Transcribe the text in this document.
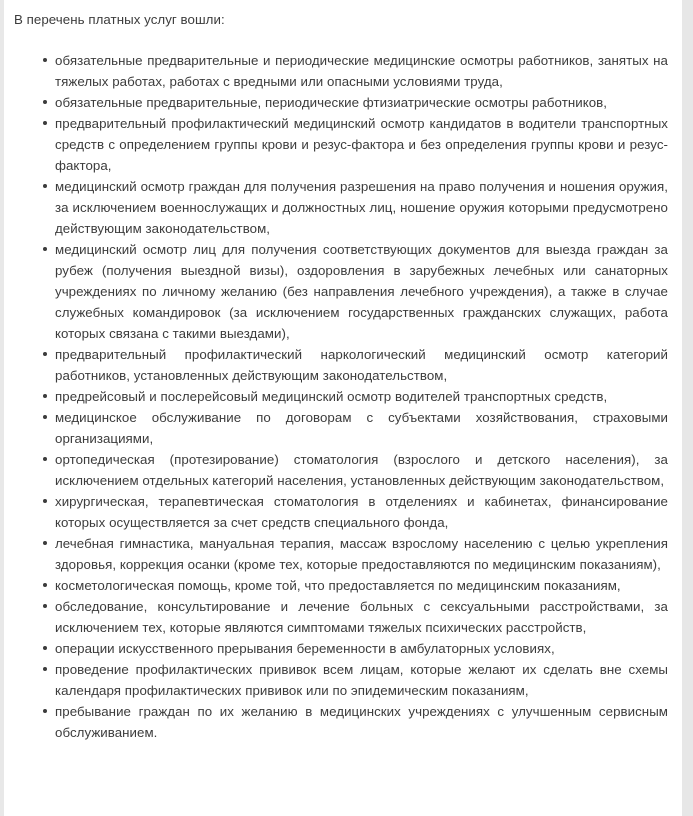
В перечень платных услуг вошли:

обязательные предварительные и периодические медицинские осмотры работников, занятых на тяжелых работах, работах с вредными или опасными условиями труда,
обязательные предварительные, периодические фтизиатрические осмотры работников,
предварительный профилактический медицинский осмотр кандидатов в водители транспортных средств с определением группы крови и резус-фактора и без определения группы крови и резус-фактора,
медицинский осмотр граждан для получения разрешения на право получения и ношения оружия, за исключением военнослужащих и должностных лиц, ношение оружия которыми предусмотрено действующим законодательством,
медицинский осмотр лиц для получения соответствующих документов для выезда граждан за рубеж (получения выездной визы), оздоровления в зарубежных лечебных или санаторных учреждениях по личному желанию (без направления лечебного учреждения), а также в случае служебных командировок (за исключением государственных гражданских служащих, работа которых связана с такими выездами),
предварительный профилактический наркологический медицинский осмотр категорий работников, установленных действующим законодательством,
предрейсовый и послерейсовый медицинский осмотр водителей транспортных средств,
медицинское обслуживание по договорам с субъектами хозяйствования, страховыми организациями,
ортопедическая (протезирование) стоматология (взрослого и детского населения), за исключением отдельных категорий населения, установленных действующим законодательством,
хирургическая, терапевтическая стоматология в отделениях и кабинетах, финансирование которых осуществляется за счет средств специального фонда,
лечебная гимнастика, мануальная терапия, массаж взрослому населению с целью укрепления здоровья, коррекция осанки (кроме тех, которые предоставляются по медицинским показаниям),
косметологическая помощь, кроме той, что предоставляется по медицинским показаниям,
обследование, консультирование и лечение больных с сексуальными расстройствами, за исключением тех, которые являются симптомами тяжелых психических расстройств,
операции искусственного прерывания беременности в амбулаторных условиях,
проведение профилактических прививок всем лицам, которые желают их сделать вне схемы календаря профилактических прививок или по эпидемическим показаниям,
пребывание граждан по их желанию в медицинских учреждениях с улучшенным сервисным обслуживанием.
